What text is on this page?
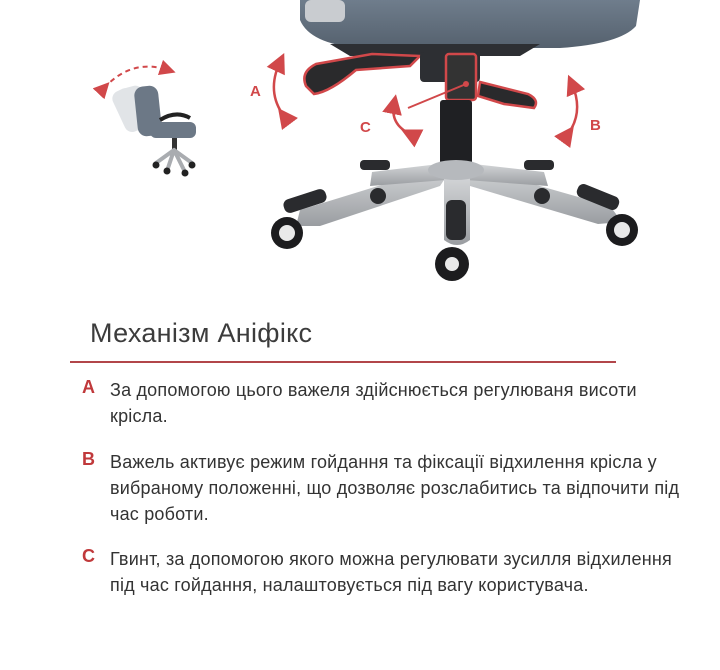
A
B
C
Механізм Аніфікс
A За допомогою цього важеля здійснюється регулюваня висоти крісла.
B Важель активує режим гойдання та фіксації відхилення крісла у вибраному положенні, що дозволяє розслабитись та відпочити під час роботи.
C Гвинт, за допомогою якого можна регулювати зусилля відхилення під час гойдання, налаштовується під вагу користувача.
